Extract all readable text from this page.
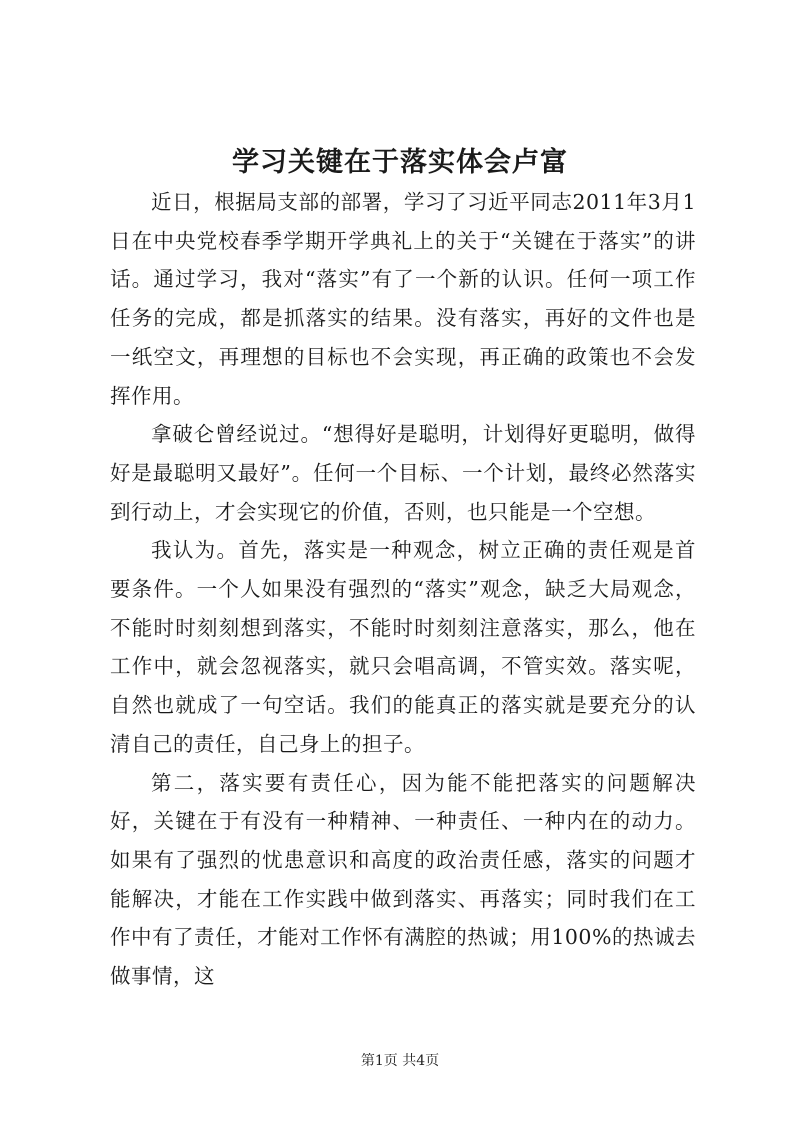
学习关键在于落实体会卢富

近日，根据局支部的部署，学习了习近平同志2011年3月1日在中央党校春季学期开学典礼上的关于“关键在于落实”的讲话。通过学习，我对“落实”有了一个新的认识。任何一项工作任务的完成，都是抓落实的结果。没有落实，再好的文件也是一纸空文，再理想的目标也不会实现，再正确的政策也不会发挥作用。

拿破仑曾经说过。“想得好是聪明，计划得好更聪明，做得好是最聪明又最好”。任何一个目标、一个计划，最终必然落实到行动上，才会实现它的价值，否则，也只能是一个空想。

我认为。首先，落实是一种观念，树立正确的责任观是首要条件。一个人如果没有强烈的“落实”观念，缺乏大局观念，不能时时刻刻想到落实，不能时时刻刻注意落实，那么，他在工作中，就会忽视落实，就只会唱高调，不管实效。落实呢，自然也就成了一句空话。我们的能真正的落实就是要充分的认清自己的责任，自己身上的担子。

第二，落实要有责任心，因为能不能把落实的问题解决好，关键在于有没有一种精神、一种责任、一种内在的动力。如果有了强烈的忧患意识和高度的政治责任感，落实的问题才能解决，才能在工作实践中做到落实、再落实；同时我们在工作中有了责任，才能对工作怀有满腔的热诚；用100%的热诚去做事情，这

第1页 共4页
